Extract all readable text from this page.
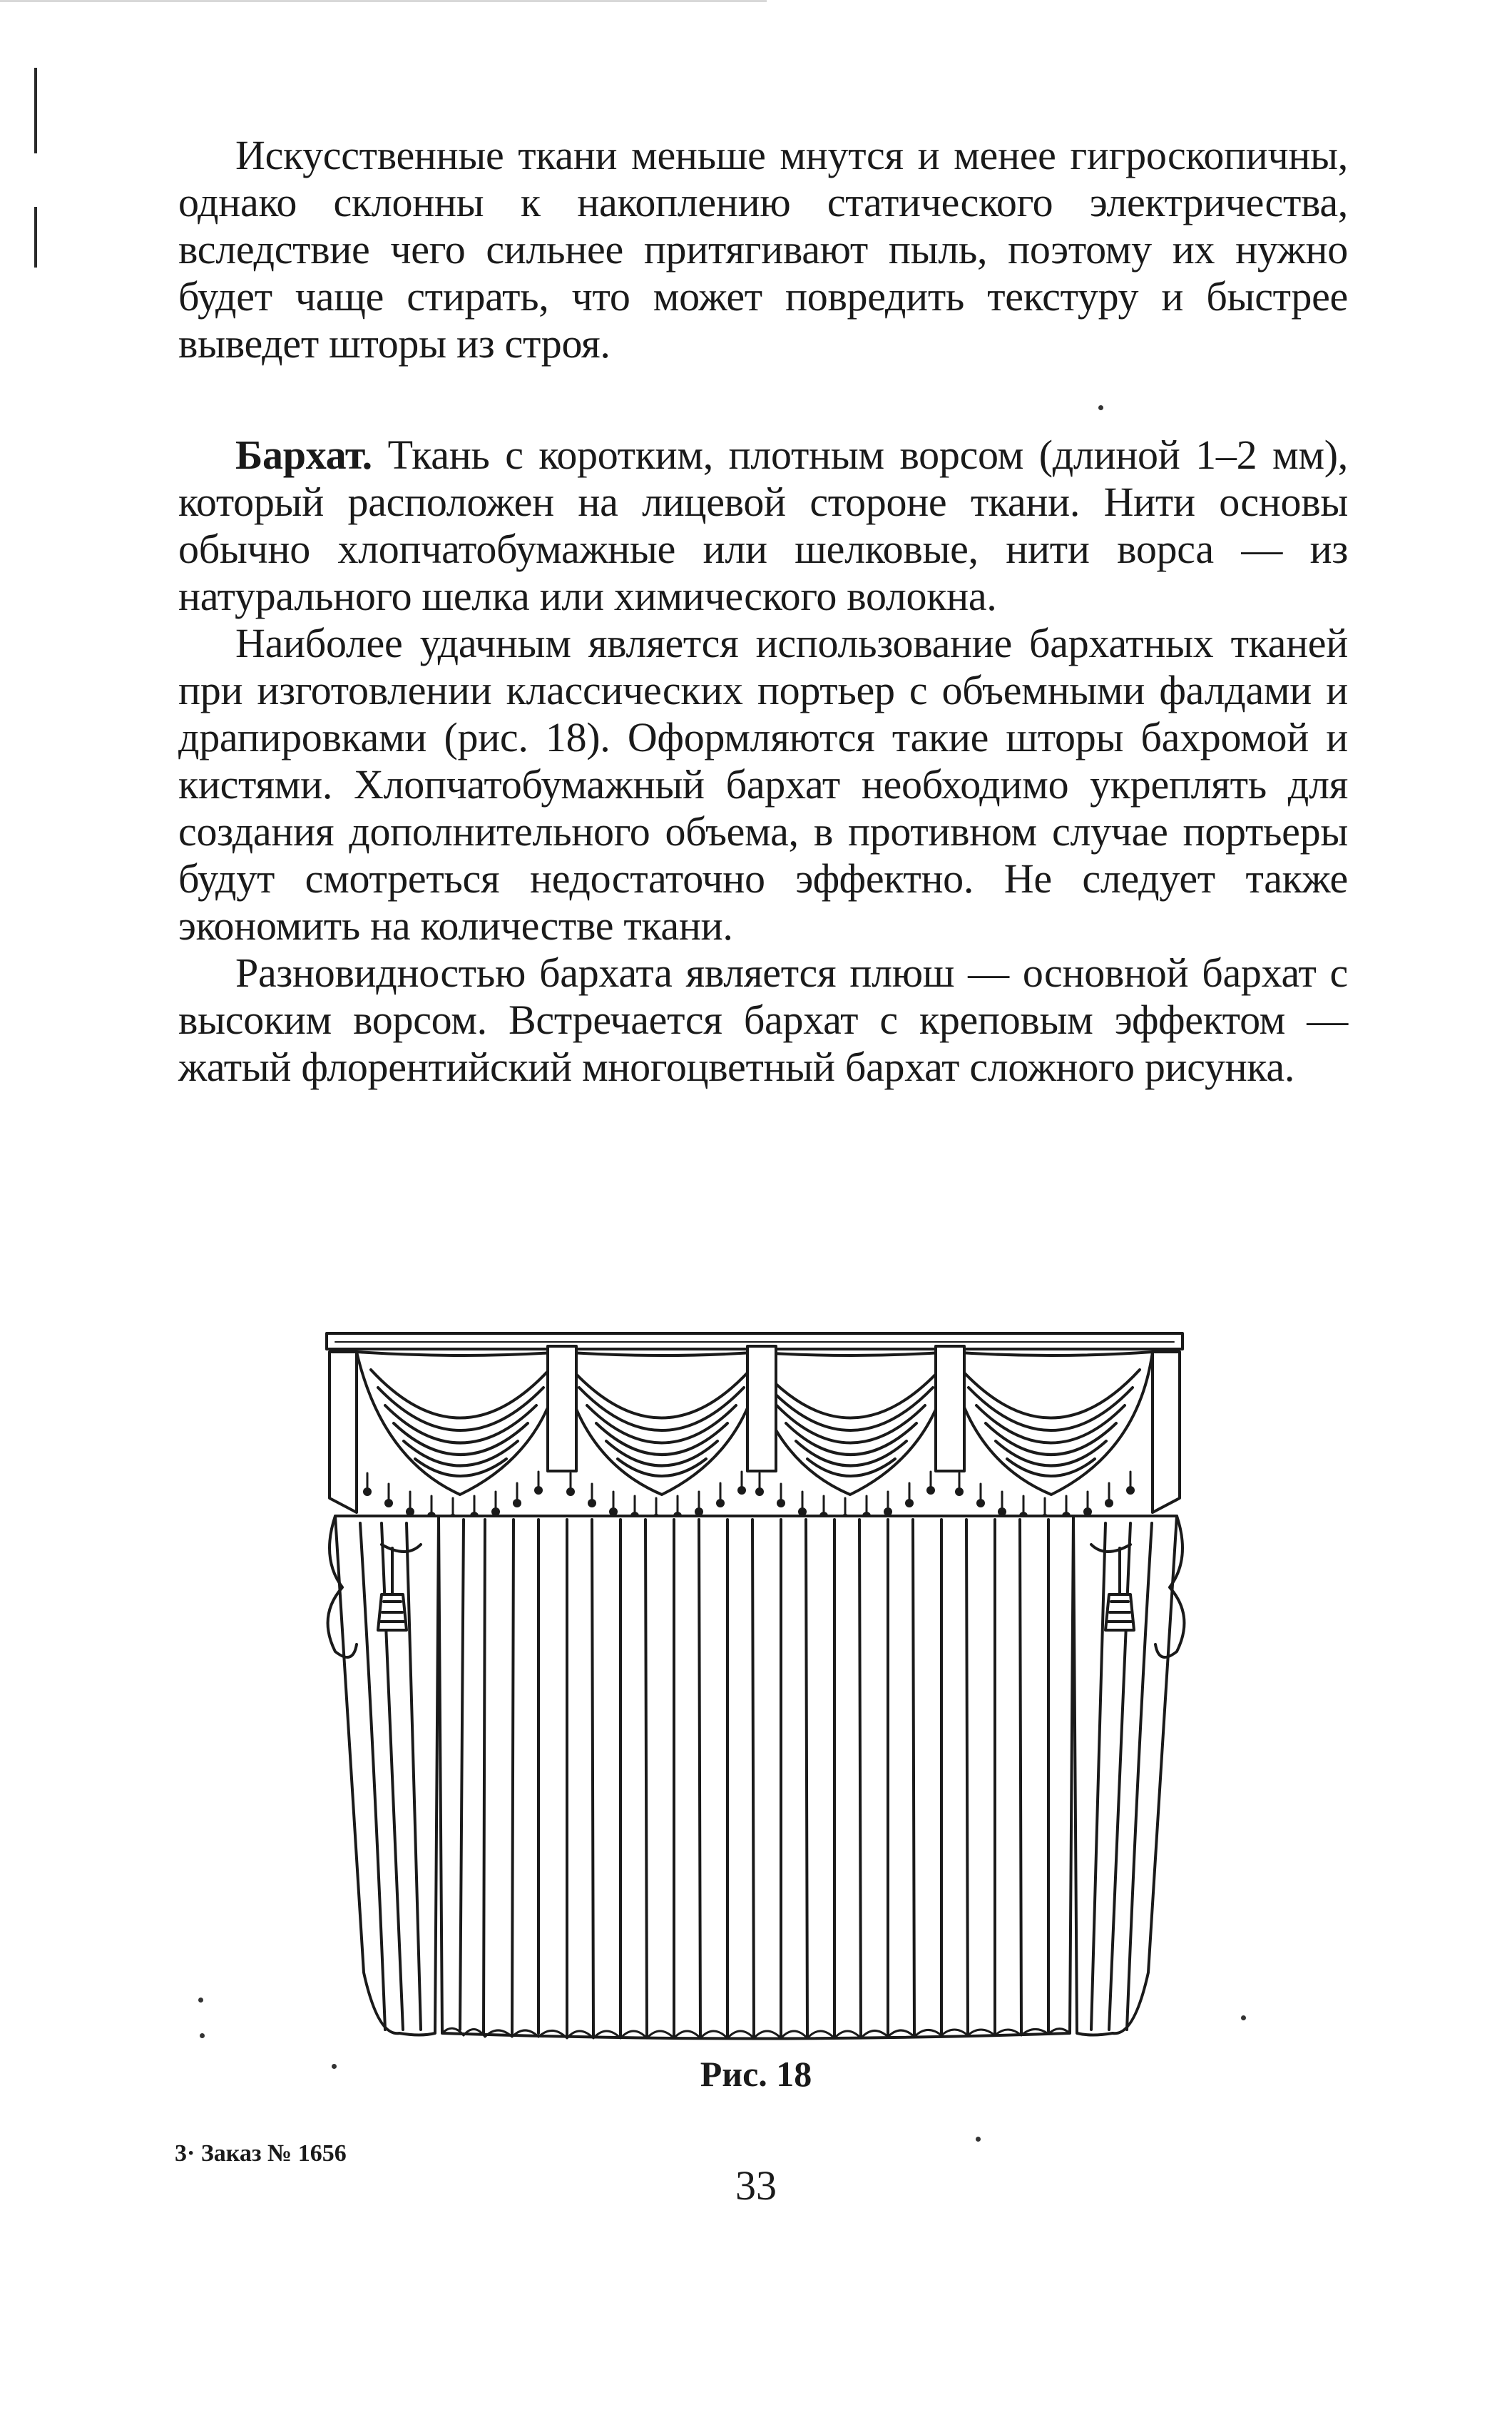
Искусственные ткани меньше мнутся и менее гигроскопичны, однако склонны к накоплению статического электричества, вследствие чего сильнее притягивают пыль, поэтому их нужно будет чаще стирать, что может повредить текстуру и быстрее выведет шторы из строя.

Бархат. Ткань с коротким, плотным ворсом (длиной 1–2 мм), который расположен на лицевой стороне ткани. Нити основы обычно хлопчатобумажные или шелковые, нити ворса — из натурального шелка или химического волокна.

Наиболее удачным является использование бархатных тканей при изготовлении классических портьер с объемными фалдами и драпировками (рис. 18). Оформляются такие шторы бахромой и кистями. Хлопчатобумажный бархат необходимо укреплять для создания дополнительного объема, в противном случае портьеры будут смотреться недостаточно эффектно. Не следует также экономить на количестве ткани.

Разновидностью бархата является плюш — основной бархат с высоким ворсом. Встречается бархат с креповым эффектом — жатый флорентийский многоцветный бархат сложного рисунка.

Рис. 18
3· Заказ № 1656
33
